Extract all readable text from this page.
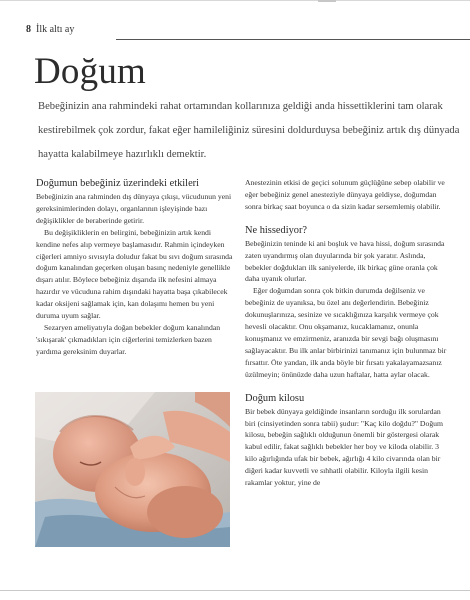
8 İlk altı ay
Doğum

Bebeğinizin ana rahmindeki rahat ortamından kollarınıza geldiği anda hissettiklerini tam olarak kestirebilmek çok zordur, fakat eğer hamileliğiniz süresini doldurduysa bebeğiniz artık dış dünyada hayatta kalabilmeye hazırlıklı demektir.

Doğumun bebeğiniz üzerindeki etkileri

Bebeğinizin ana rahminden dış dünyaya çıkışı, vücudunun yeni gereksinimlerinden dolayı, organlarının işleyişinde bazı değişiklikler de beraberinde getirir.

Bu değişikliklerin en belirgini, bebeğinizin artık kendi kendine nefes alıp vermeye başlamasıdır. Rahmin içindeyken ciğerleri amniyo sıvısıyla doludur fakat bu sıvı doğum sırasında doğum kanalından geçerken oluşan basınç nedeniyle genellikle dışarı atılır. Böylece bebeğiniz dışarıda ilk nefesini almaya hazırdır ve vücuduna rahim dışındaki hayatta başa çıkabilecek kadar oksijeni sağlamak için, kan dolaşımı hemen bu yeni duruma uyum sağlar.

Sezaryen ameliyatıyla doğan bebekler doğum kanalından 'sıkışarak' çıkmadıkları için ciğerlerini temizlerken bazen yardıma gereksinim duyarlar.

Anestezinin etkisi de geçici solunum güçlüğüne sebep olabilir ve eğer bebeğiniz genel anesteziyle dünyaya geldiyse, doğumdan sonra birkaç saat boyunca o da sizin kadar sersemlemiş olabilir.

Ne hissediyor?

Bebeğinizin teninde ki ani boşluk ve hava hissi, doğum sırasında zaten uyandırmış olan duyularında bir şok yaratır. Aslında, bebekler doğdukları ilk saniyelerde, ilk birkaç güne oranla çok daha uyanık olurlar.

Eğer doğumdan sonra çok bitkin durumda değilseniz ve bebeğiniz de uyanıksa, bu özel anı değerlendirin. Bebeğiniz dokunuşlarınıza, sesinize ve sıcaklığınıza karşılık vermeye çok hevesli olacaktır. Onu okşamanız, kucaklamanız, onunla konuşmanız ve emzirmeniz, aranızda bir sevgi bağı oluşmasını sağlayacaktır. Bu ilk anlar birbirinizi tanımanız için bulunmaz bir fırsattır. Öte yandan, ilk anda böyle bir fırsatı yakalayamazsanız üzülmeyin; önünüzde daha uzun haftalar, hatta aylar olacak.

Doğum kilosu

Bir bebek dünyaya geldiğinde insanların sorduğu ilk sorulardan biri (cinsiyetinden sonra tabii) şudur: "Kaç kilo doğdu?" Doğum kilosu, bebeğin sağlıklı olduğunun önemli bir göstergesi olarak kabul edilir, fakat sağlıklı bebekler her boy ve kiloda olabilir. 3 kilo ağırlığında ufak bir bebek, ağırlığı 4 kilo civarında olan bir diğeri kadar kuvvetli ve sıhhatli olabilir. Kiloyla ilgili kesin rakamlar yoktur, yine de
